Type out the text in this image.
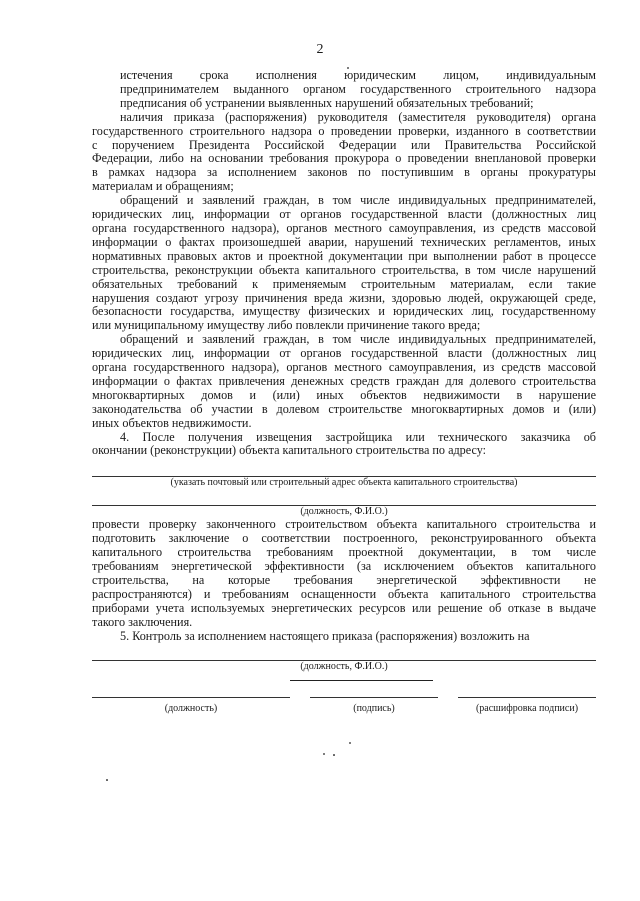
2
истечения срока исполнения юридическим лицом, индивидуальным
предпринимателем выданного органом государственного строительного надзора
предписания об устранении выявленных нарушений обязательных требований;
наличия приказа (распоряжения) руководителя (заместителя руководителя) органа
государственного строительного надзора о проведении проверки, изданного в соответствии
с поручением Президента Российской Федерации или Правительства Российской
Федерации, либо на основании требования прокурора о проведении внеплановой проверки
в рамках надзора за исполнением законов по поступившим в органы прокуратуры
материалам и обращениям;
обращений и заявлений граждан, в том числе индивидуальных предпринимателей,
юридических лиц, информации от органов государственной власти (должностных лиц
органа государственного надзора), органов местного самоуправления, из средств массовой
информации о фактах произошедшей аварии, нарушений технических регламентов, иных
нормативных правовых актов и проектной документации при выполнении работ в процессе
строительства, реконструкции объекта капитального строительства, в том числе нарушений
обязательных требований к применяемым строительным материалам, если такие
нарушения создают угрозу причинения вреда жизни, здоровью людей, окружающей среде,
безопасности государства, имуществу физических и юридических лиц, государственному
или муниципальному имуществу либо повлекли причинение такого вреда;
обращений и заявлений граждан, в том числе индивидуальных предпринимателей,
юридических лиц, информации от органов государственной власти (должностных лиц
органа государственного надзора), органов местного самоуправления, из средств массовой
информации о фактах привлечения денежных средств граждан для долевого строительства
многоквартирных домов и (или) иных объектов недвижимости в нарушение
законодательства об участии в долевом строительстве многоквартирных домов и (или)
иных объектов недвижимости.
4. После получения извещения застройщика или технического заказчика об
окончании (реконструкции) объекта капитального строительства по адресу:
(указать почтовый или строительный адрес объекта капитального строительства)
(должность, Ф.И.О.)
провести проверку законченного строительством объекта капитального строительства и
подготовить заключение о соответствии построенного, реконструированного объекта
капитального строительства требованиям проектной документации, в том числе
требованиям энергетической эффективности (за исключением объектов капитального
строительства, на которые требования энергетической эффективности не
распространяются) и требованиям оснащенности объекта капитального строительства
приборами учета используемых энергетических ресурсов или решение об отказе в выдаче
такого заключения.
5. Контроль за исполнением настоящего приказа (распоряжения) возложить на
(должность, Ф.И.О.)
(должность)	(подпись)	(расшифровка подписи)
